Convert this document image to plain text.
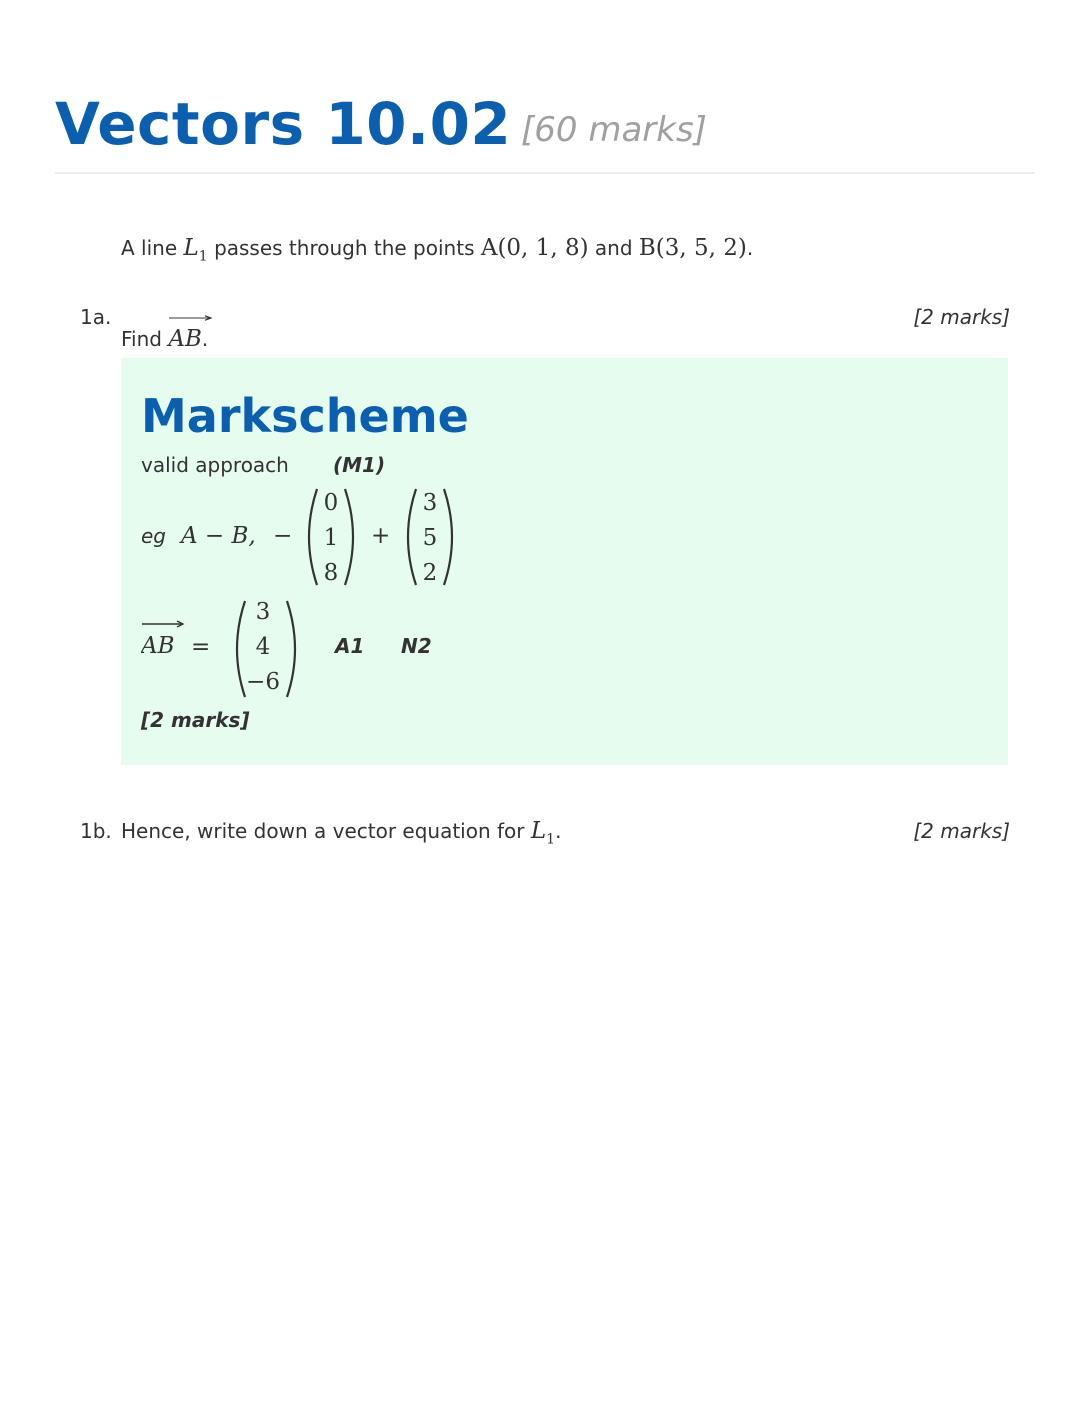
Vectors 10.02 [60 marks]
A line $L_1$ passes through the points A(0, 1, 8) and B(3, 5, 2).
1a.	[2 marks]
Find AB.
Markscheme
valid approach (M1)
eg A − B, −
0
1
8
+
3
5
2
AB =
3
4
−6
A1 N2
[2 marks]
1b.	[2 marks]
Hence, write down a vector equation for $L_1$.
